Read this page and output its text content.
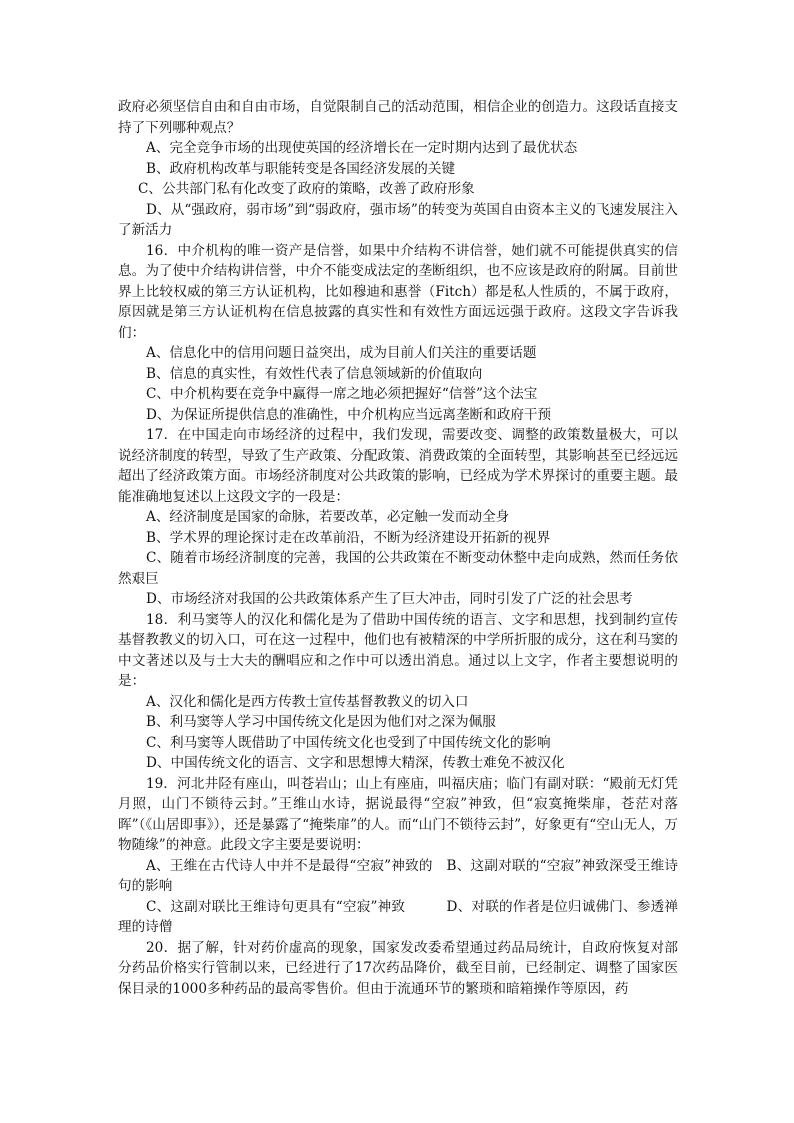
政府必须坚信自由和自由市场，自觉限制自己的活动范围，相信企业的创造力。这段话直接支持了下列哪种观点？

A、完全竞争市场的出现使英国的经济增长在一定时期内达到了最优状态

B、政府机构改革与职能转变是各国经济发展的关键

C、公共部门私有化改变了政府的策略，改善了政府形象

D、从“强政府，弱市场”到“弱政府，强市场”的转变为英国自由资本主义的飞速发展注入了新活力

16．中介机构的唯一资产是信誉，如果中介结构不讲信誉，她们就不可能提供真实的信息。为了使中介结构讲信誉，中介不能变成法定的垄断组织，也不应该是政府的附属。目前世界上比较权威的第三方认证机构，比如穆迪和惠誉（Fitch）都是私人性质的，不属于政府，原因就是第三方认证机构在信息披露的真实性和有效性方面远远强于政府。这段文字告诉我们：

A、信息化中的信用问题日益突出，成为目前人们关注的重要话题

B、信息的真实性，有效性代表了信息领域新的价值取向

C、中介机构要在竞争中赢得一席之地必须把握好“信誉”这个法宝

D、为保证所提供信息的准确性，中介机构应当远离垄断和政府干预

17．在中国走向市场经济的过程中，我们发现，需要改变、调整的政策数量极大，可以说经济制度的转型，导致了生产政策、分配政策、消费政策的全面转型，其影响甚至已经远远超出了经济政策方面。市场经济制度对公共政策的影响，已经成为学术界探讨的重要主题。最能准确地复述以上这段文字的一段是：

A、经济制度是国家的命脉，若要改革，必定触一发而动全身

B、学术界的理论探讨走在改革前沿，不断为经济建设开拓新的视界

C、随着市场经济制度的完善，我国的公共政策在不断变动休整中走向成熟，然而任务依然艰巨

D、市场经济对我国的公共政策体系产生了巨大冲击，同时引发了广泛的社会思考

18．利马窦等人的汉化和儒化是为了借助中国传统的语言、文字和思想，找到制约宣传基督教教义的切入口，可在这一过程中，他们也有被精深的中学所折服的成分，这在利马窦的中文著述以及与士大夫的酬唱应和之作中可以透出消息。通过以上文字，作者主要想说明的是：

A、汉化和儒化是西方传教士宣传基督教教义的切入口

B、利马窦等人学习中国传统文化是因为他们对之深为佩服

C、利马窦等人既借助了中国传统文化也受到了中国传统文化的影响

D、中国传统文化的语言、文字和思想博大精深，传教士难免不被汉化

19．河北井陉有座山，叫苍岩山；山上有座庙，叫福庆庙；临门有副对联：“殿前无灯凭月照，山门不锁待云封。”王维山水诗，据说最得“空寂”神致，但“寂寞掩柴扉，苍茫对落晖”（《山居即事》），还是暴露了“掩柴扉”的人。而“山门不锁待云封”，好象更有“空山无人，万物随缘”的神意。此段文字主要是要说明：

A、王维在古代诗人中并不是最得“空寂”神致的　B、这副对联的“空寂”神致深受王维诗句的影响

C、这副对联比王维诗句更具有“空寂”神致　　　D、对联的作者是位归诚佛门、参透禅理的诗僧

20．据了解，针对药价虚高的现象，国家发改委希望通过药品局统计，自政府恢复对部分药品价格实行管制以来，已经进行了17次药品降价，截至目前，已经制定、调整了国家医保目录的1000多种药品的最高零售价。但由于流通环节的繁琐和暗箱操作等原因，药
